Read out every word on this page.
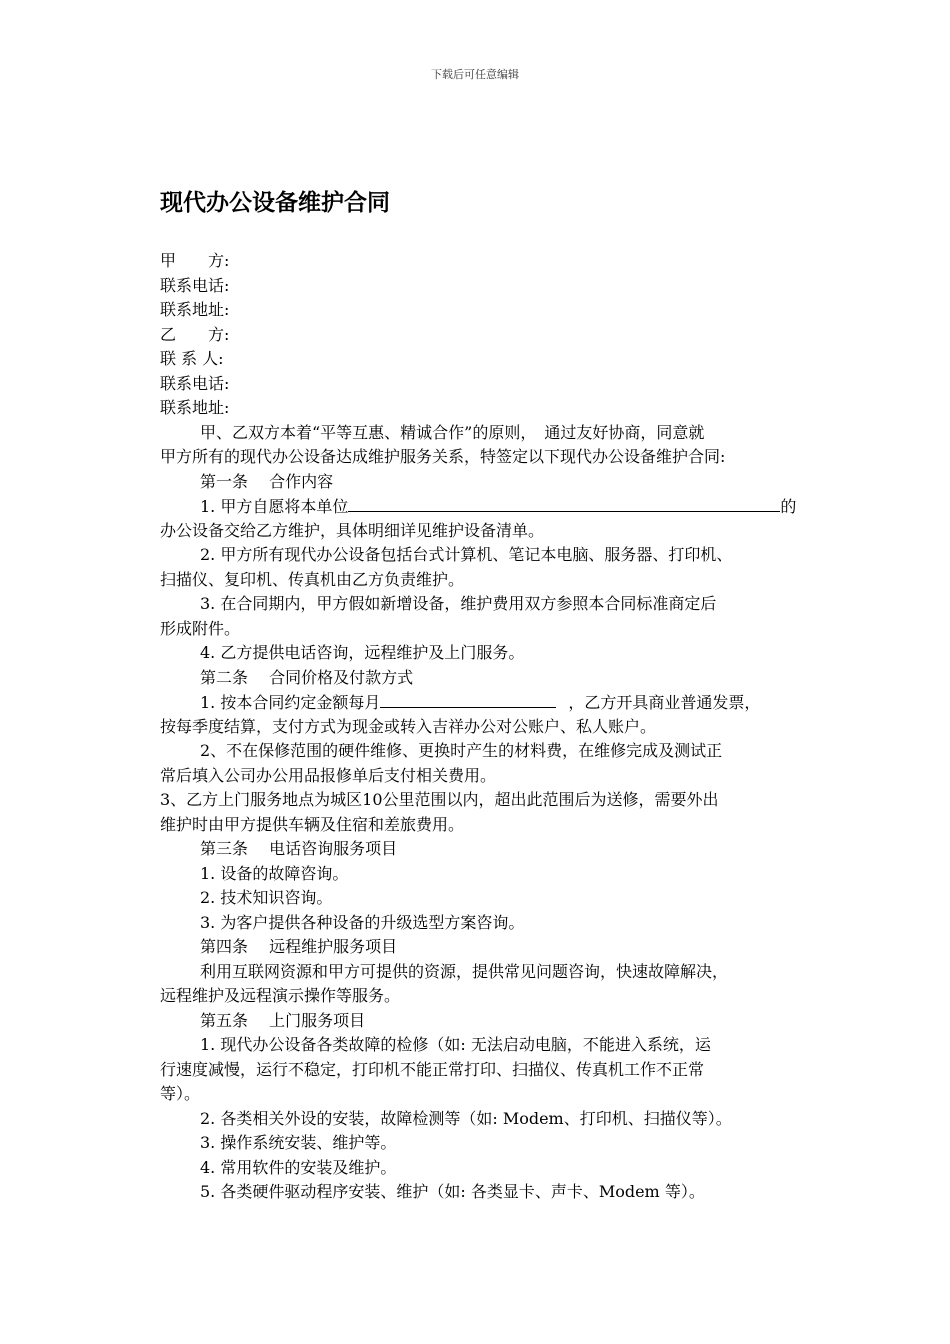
下载后可任意编辑
现代办公设备维护合同
甲　　方:
联系电话:
联系地址:
乙　　方:
联 系 人:
联系电话:
联系地址:
甲、乙双方本着“平等互惠、精诚合作”的原则，　通过友好协商，同意就
甲方所有的现代办公设备达成维护服务关系，特签定以下现代办公设备维护合同:
第一条　 合作内容
1. 甲方自愿将本单位	的
办公设备交给乙方维护，具体明细详见维护设备清单。
2. 甲方所有现代办公设备包括台式计算机、笔记本电脑、服务器、打印机、
扫描仪、复印机、传真机由乙方负责维护。
3. 在合同期内，甲方假如新增设备，维护费用双方参照本合同标准商定后
形成附件。
4. 乙方提供电话咨询，远程维护及上门服务。
第二条　 合同价格及付款方式
1. 按本合同约定金额每月	，乙方开具商业普通发票，
按每季度结算，支付方式为现金或转入吉祥办公对公账户、私人账户。
2、不在保修范围的硬件维修、更换时产生的材料费，在维修完成及测试正
常后填入公司办公用品报修单后支付相关费用。
3、乙方上门服务地点为城区10公里范围以内，超出此范围后为送修，需要外出
维护时由甲方提供车辆及住宿和差旅费用。
第三条　 电话咨询服务项目
1. 设备的故障咨询。
2. 技术知识咨询。
3. 为客户提供各种设备的升级选型方案咨询。
第四条　 远程维护服务项目
利用互联网资源和甲方可提供的资源，提供常见问题咨询，快速故障解决，
远程维护及远程演示操作等服务。
第五条　 上门服务项目
1. 现代办公设备各类故障的检修（如: 无法启动电脑，不能进入系统，运
行速度减慢，运行不稳定，打印机不能正常打印、扫描仪、传真机工作不正常
等）。
2. 各类相关外设的安装，故障检测等（如: Modem、打印机、扫描仪等）。
3. 操作系统安装、维护等。
4. 常用软件的安装及维护。
5. 各类硬件驱动程序安装、维护（如: 各类显卡、声卡、Modem 等）。
